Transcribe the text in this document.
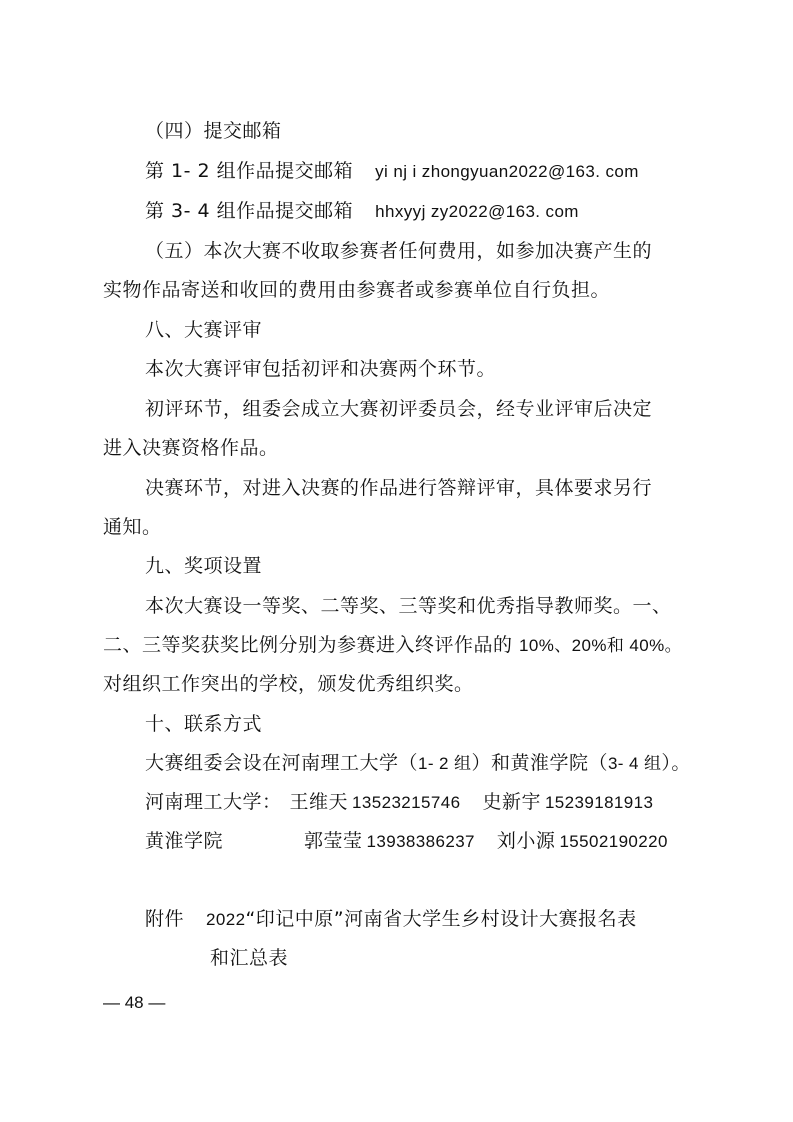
（四）提交邮箱
第 1- 2 组作品提交邮箱 yi nj i zhongyuan2022@163. com
第 3- 4 组作品提交邮箱 hhxyyj zy2022@163. com
（五）本次大赛不收取参赛者任何费用，如参加决赛产生的
实物作品寄送和收回的费用由参赛者或参赛单位自行负担。
八、大赛评审
本次大赛评审包括初评和决赛两个环节。
初评环节，组委会成立大赛初评委员会，经专业评审后决定
进入决赛资格作品。
决赛环节，对进入决赛的作品进行答辩评审，具体要求另行
通知。
九、奖项设置
本次大赛设一等奖、二等奖、三等奖和优秀指导教师奖。一、
二、三等奖获奖比例分别为参赛进入终评作品的 10%、20%和 40%。
对组织工作突出的学校，颁发优秀组织奖。
十、联系方式
大赛组委会设在河南理工大学（1- 2 组）和黄淮学院（3- 4 组）。
河南理工大学： 王维天 13523215746 史新宇 15239181913
黄淮学院	郭莹莹 13938386237 刘小源 15502190220
附件 2022“印记中原”河南省大学生乡村设计大赛报名表
和汇总表
— 48 —
